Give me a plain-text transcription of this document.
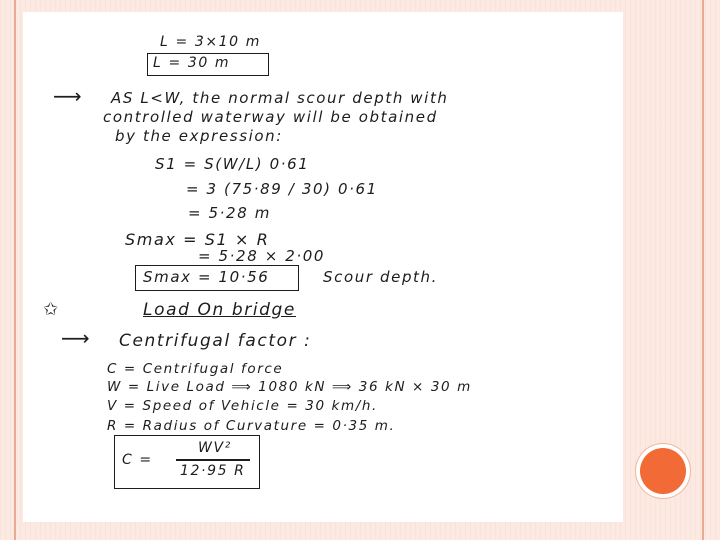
L = 3×10 m
L = 30 m
⟶ AS L<W, the normal scour depth with
controlled waterway will be obtained
by the expression:
S1 = S(W/L) 0·61
= 3 (75·89 / 30) 0·61
= 5·28 m
Smax = S1 × R
= 5·28 × 2·00
Smax = 10·56	Scour depth.
✩	Load On bridge
⟶ Centrifugal factor :
C = Centrifugal force
W = Live Load ⟹ 1080 kN ⟹ 36 kN × 30 m
V = Speed of Vehicle = 30 km/h.
R = Radius of Curvature = 0·35 m.
C =
WV²
12·95 R
